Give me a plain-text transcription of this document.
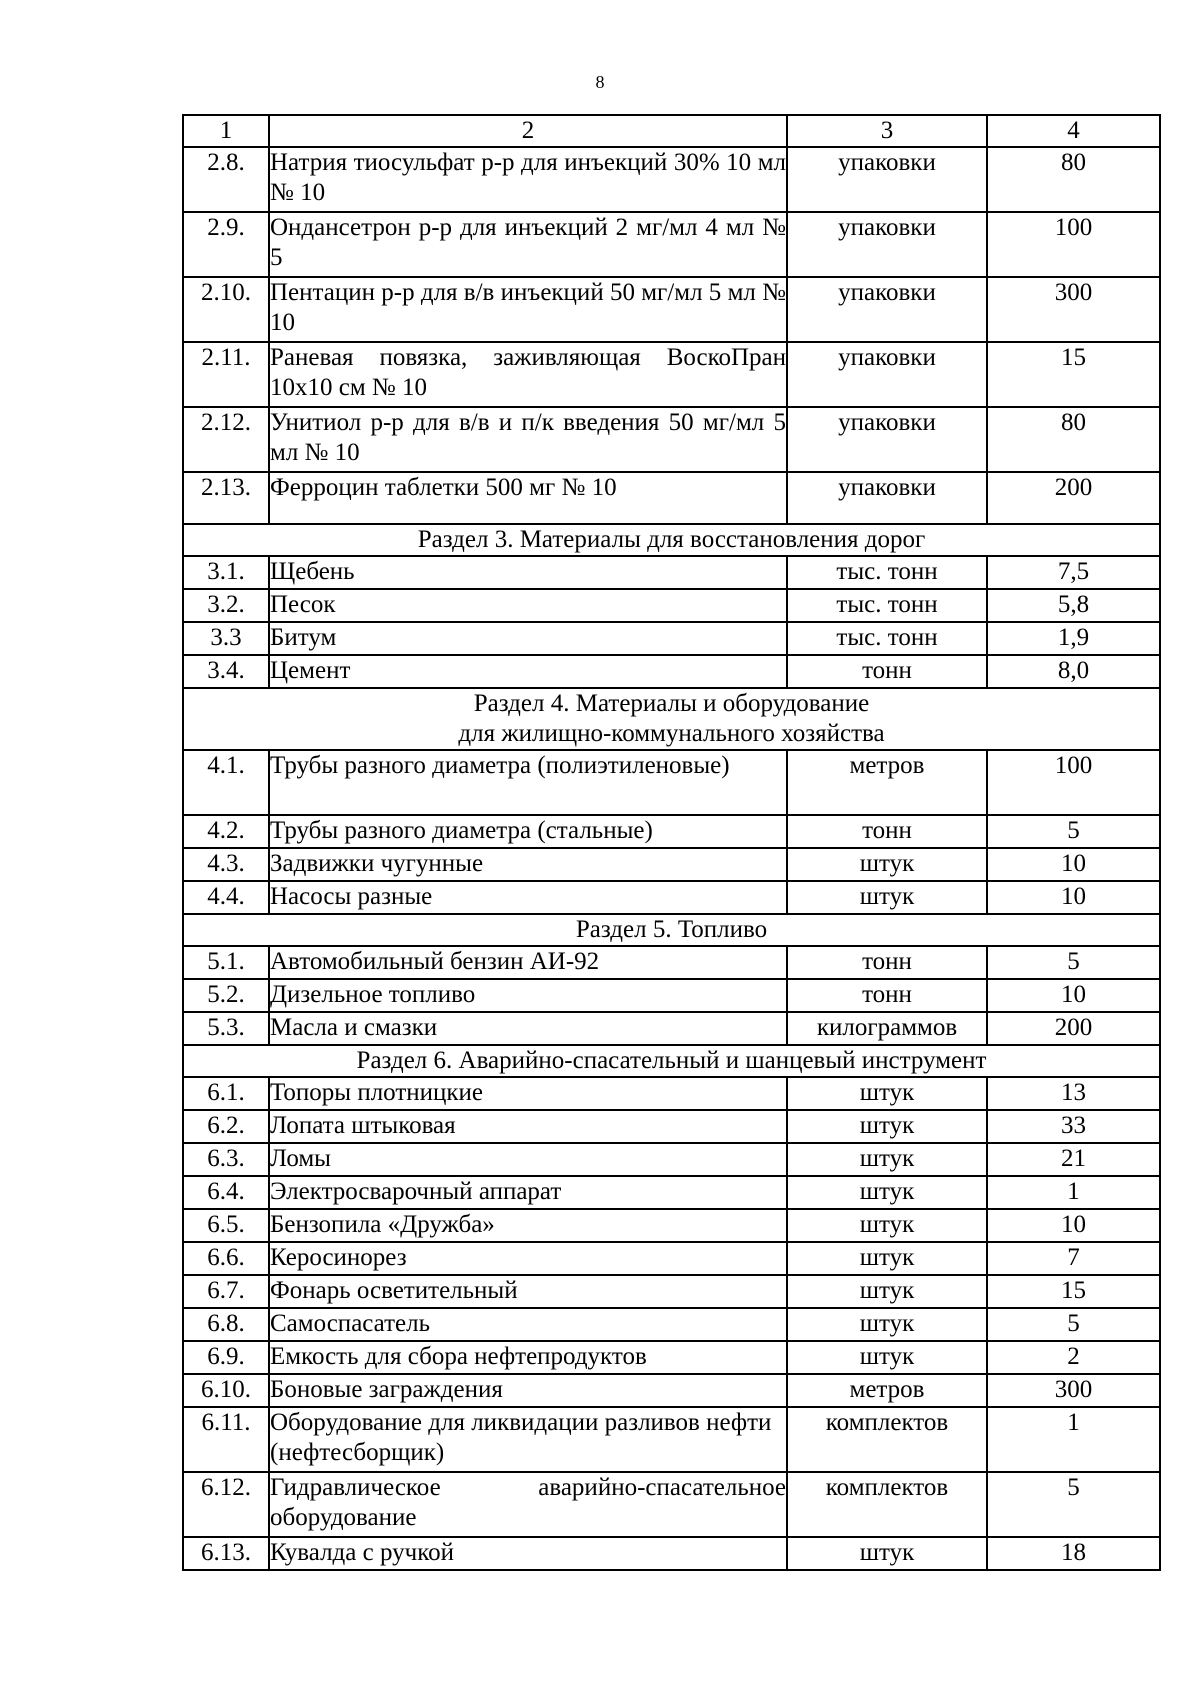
8
1	2	3	4
2.8.	Натрия тиосульфат р-р для инъекций 30% 10 мл № 10	упаковки	80
2.9.	Ондансетрон р-р для инъекций 2 мг/мл 4 мл № 5	упаковки	100
2.10.	Пентацин р-р для в/в инъекций 50 мг/мл 5 мл № 10	упаковки	300
2.11.	Раневая повязка, заживляющая ВоскоПран 10х10 см № 10	упаковки	15
2.12.	Унитиол р-р для в/в и п/к введения 50 мг/мл 5 мл № 10	упаковки	80
2.13.	Ферроцин таблетки 500 мг № 10	упаковки	200

Раздел 3. Материалы для восстановления дорог			

3.1.	Щебень	тыс. тонн	7,5
3.2.	Песок	тыс. тонн	5,8
3.3	Битум	тыс. тонн	1,9
3.4.	Цемент	тонн	8,0

Раздел 4. Материалы и оборудование
для жилищно-коммунального хозяйства			

4.1.	Трубы разного диаметра (полиэтиленовые)	метров	100
4.2.	Трубы разного диаметра (стальные)	тонн	5
4.3.	Задвижки чугунные	штук	10
4.4.	Насосы разные	штук	10

Раздел 5. Топливо			

5.1.	Автомобильный бензин АИ-92	тонн	5
5.2.	Дизельное топливо	тонн	10
5.3.	Масла и смазки	килограммов	200

Раздел 6. Аварийно-спасательный и шанцевый инструмент			

6.1.	Топоры плотницкие	штук	13
6.2.	Лопата штыковая	штук	33
6.3.	Ломы	штук	21
6.4.	Электросварочный аппарат	штук	1
6.5.	Бензопила «Дружба»	штук	10
6.6.	Керосинорез	штук	7
6.7.	Фонарь осветительный	штук	15
6.8.	Самоспасатель	штук	5
6.9.	Емкость для сбора нефтепродуктов	штук	2
6.10.	Боновые заграждения	метров	300
6.11.	Оборудование для ликвидации разливов нефти (нефтесборщик)	комплектов	1
6.12.	Гидравлическое аварийно-спасательное оборудование	комплектов	5
6.13.	Кувалда с ручкой	штук	18
